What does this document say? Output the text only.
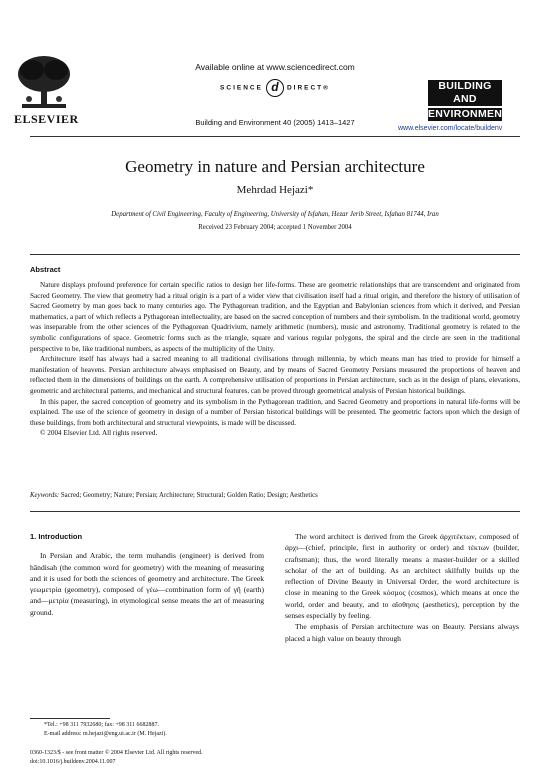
ELSEVIER
Available online at www.sciencedirect.com
SCIENCE d DIRECT®
Building and Environment 40 (2005) 1413–1427
BUILDING AND
ENVIRONMENT
www.elsevier.com/locate/buildenv
Geometry in nature and Persian architecture
Mehrdad Hejazi*
Department of Civil Engineering, Faculty of Engineering, University of Isfahan, Hezar Jerib Street, Isfahan 81744, Iran
Received 23 February 2004; accepted 1 November 2004
Abstract

Nature displays profound preference for certain specific ratios to design her life-forms. These are geometric relationships that are transcendent and originated from Sacred Geometry. The view that geometry had a ritual origin is a part of a wider view that civilisation itself had a ritual origin, and therefore the history of utilisation of Sacred Geometry by man goes back to many centuries ago. The Pythagorean tradition, and the Egyptian and Babylonian sciences from which it derived, and Persian mathematics, a part of which reflects a Pythagorean intellectuality, are based on the sacred conception of numbers and their symbolism. In the traditional world, geometry was inseparable from the other sciences of the Pythagorean Quadrivium, namely arithmetic (numbers), music and astronomy. Traditional geometry is related to the symbolic configurations of space. Geometric forms such as the triangle, square and various regular polygons, the spiral and the circle are seen in the traditional perspective to be, like traditional numbers, as aspects of the multiplicity of the Unity.

Architecture itself has always had a sacred meaning to all traditional civilisations through millennia, by which means man has tried to provide for himself a manifestation of heavens. Persian architecture always emphasised on Beauty, and by means of Sacred Geometry Persians measured the proportions of heaven and reflected them in the dimensions of buildings on the earth. A comprehensive utilisation of proportions in Persian architecture, such as in the design of plans, elevations, geometric and architectural patterns, and mechanical and structural features, can be proved through geometrical analysis of Persian historical buildings.

In this paper, the sacred conception of geometry and its symbolism in the Pythagorean tradition, and Sacred Geometry and proportions in natural life-forms will be explained. The use of the science of geometry in design of a number of Persian historical buildings will be presented. The geometric factors upon which the design of these buildings, from both architectural and structural viewpoints, is made will be discussed.

© 2004 Elsevier Ltd. All rights reserved.

Keywords: Sacred; Geometry; Nature; Persian; Architecture; Structural; Golden Ratio; Design; Aesthetics
1. Introduction

In Persian and Arabic, the term muhandis (engineer) is derived from hāndisah (the common word for geometry) with the meaning of measuring and it is used for both the sciences of geometry and architecture. The Greek γεωμετρία (geometry), composed of γέω—combination form of γῆ (earth) and—μετρία (measuring), in etymological sense means the art of measuring ground.

The word architect is derived from the Greek ἀρχιτέκτων, composed of ἀρχι—(chief, principle, first in authority or order) and τέκτων (builder, craftsman); thus, the word literally means a master-builder or a skilled scholar of the art of building. As an architect skilfully builds up the reflection of Divine Beauty in Universal Order, the word architecture is close in meaning to the Greek κόσμος (cosmos), which means at once the world, order and beauty, and to αἴσθησις (aesthetics), perception by the senses especially by feeling.

The emphasis of Persian architecture was on Beauty. Persians always placed a high value on beauty through

*Tel.: +98 311 7932680; fax: +98 311 6682887.
E-mail address: m.hejazi@eng.ui.ac.ir (M. Hejazi).
0360-1323/$ - see front matter © 2004 Elsevier Ltd. All rights reserved.
doi:10.1016/j.buildenv.2004.11.007
